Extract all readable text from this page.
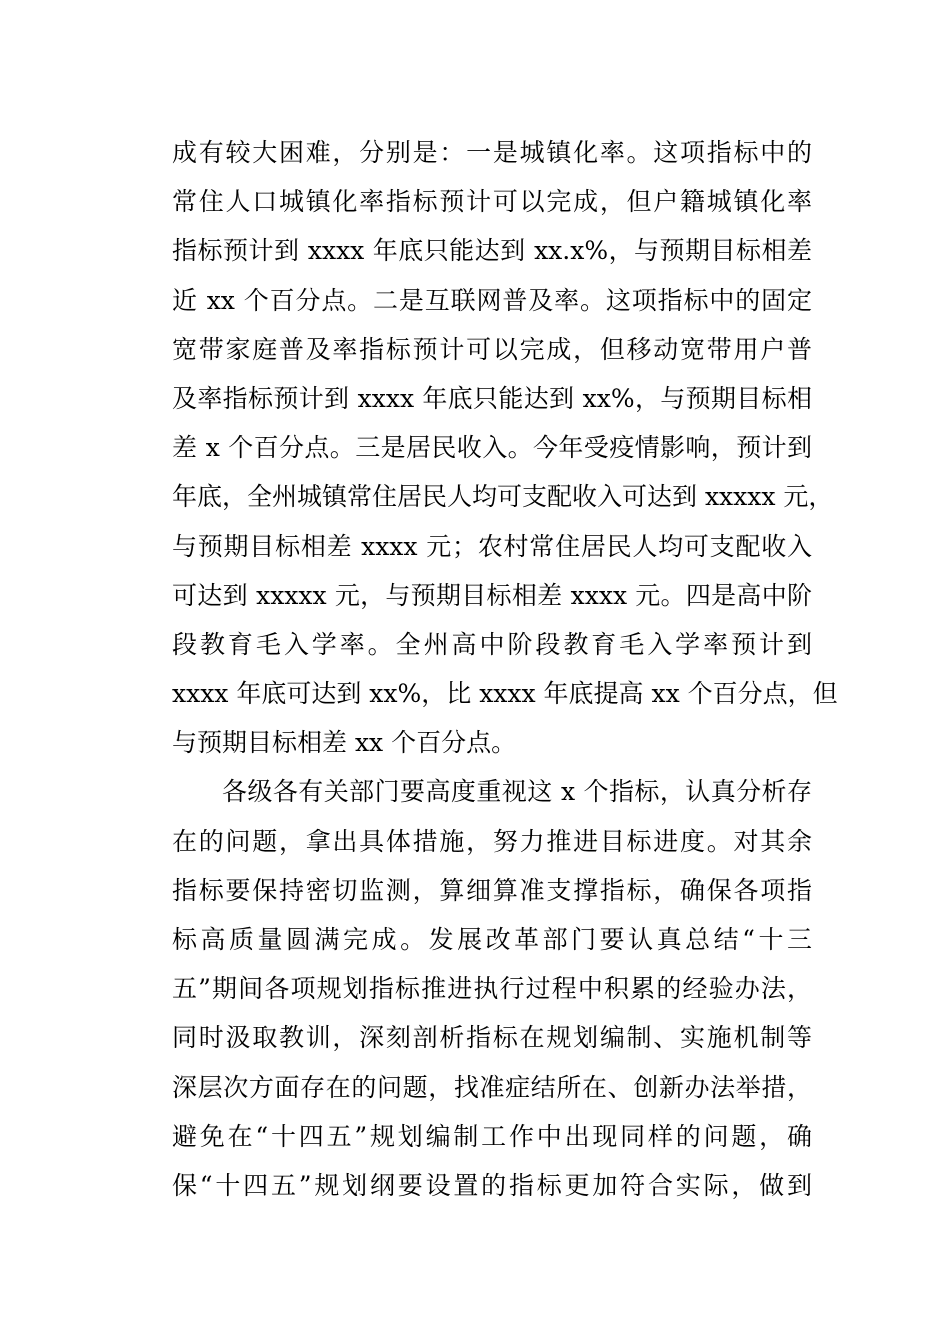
成有较大困难，分别是：一是城镇化率。这项指标中的
常住人口城镇化率指标预计可以完成，但户籍城镇化率
指标预计到 xxxx 年底只能达到 xx.x%，与预期目标相差
近 xx 个百分点。二是互联网普及率。这项指标中的固定
宽带家庭普及率指标预计可以完成，但移动宽带用户普
及率指标预计到 xxxx 年底只能达到 xx%，与预期目标相
差 x 个百分点。三是居民收入。今年受疫情影响，预计到
年底，全州城镇常住居民人均可支配收入可达到 xxxxx 元，
与预期目标相差 xxxx 元；农村常住居民人均可支配收入
可达到 xxxxx 元，与预期目标相差 xxxx 元。四是高中阶
段教育毛入学率。全州高中阶段教育毛入学率预计到
xxxx 年底可达到 xx%，比 xxxx 年底提高 xx 个百分点，但
与预期目标相差 xx 个百分点。
各级各有关部门要高度重视这 x 个指标，认真分析存
在的问题，拿出具体措施，努力推进目标进度。对其余
指标要保持密切监测，算细算准支撑指标，确保各项指
标高质量圆满完成。发展改革部门要认真总结“十三
五”期间各项规划指标推进执行过程中积累的经验办法，
同时汲取教训，深刻剖析指标在规划编制、实施机制等
深层次方面存在的问题，找准症结所在、创新办法举措，
避免在“十四五”规划编制工作中出现同样的问题，确
保“十四五”规划纲要设置的指标更加符合实际，做到
